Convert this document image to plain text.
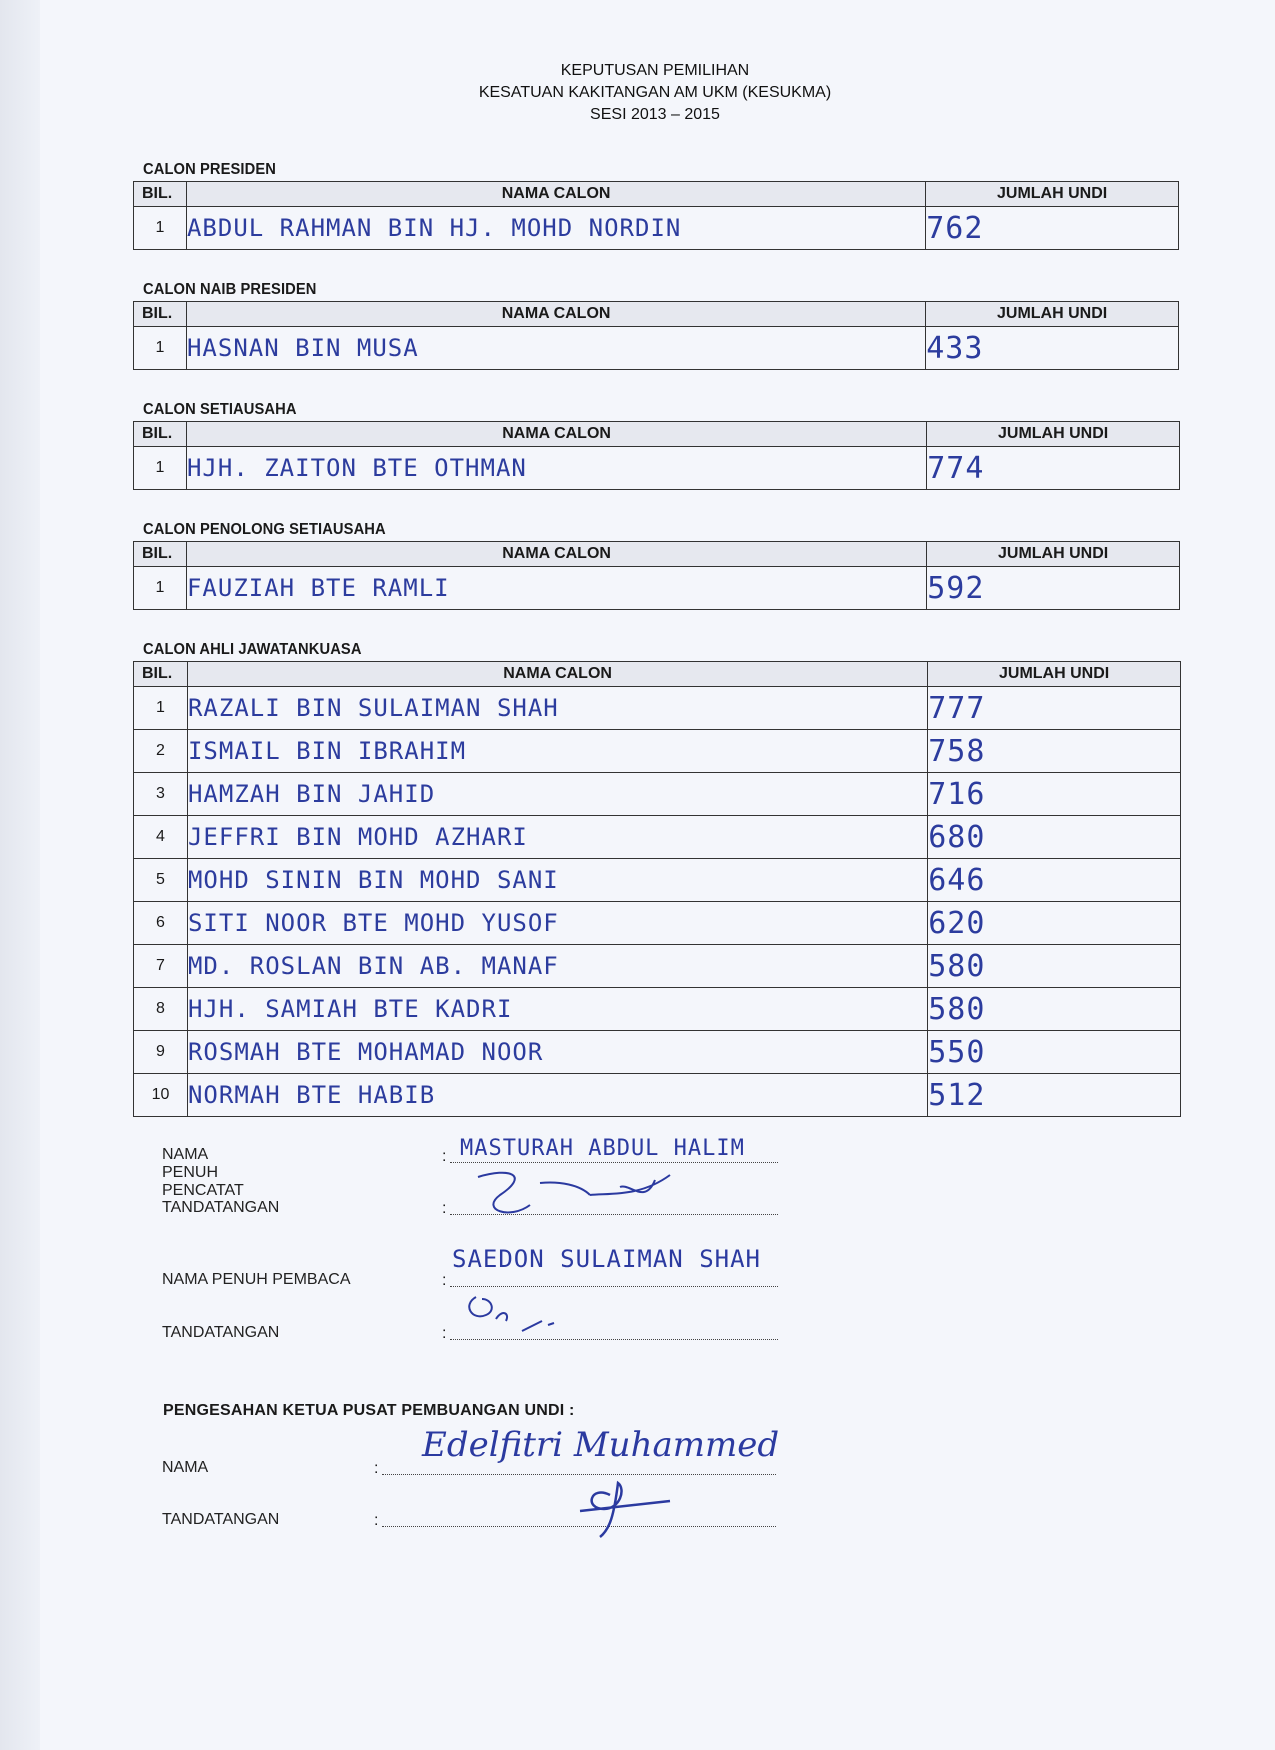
KEPUTUSAN PEMILIHAN
KESATUAN KAKITANGAN AM UKM (KESUKMA)
SESI 2013 – 2015
CALON PRESIDEN
BIL.	NAMA CALON	JUMLAH UNDI
1	ABDUL RAHMAN BIN HJ. MOHD NORDIN	762
CALON NAIB PRESIDEN
BIL.	NAMA CALON	JUMLAH UNDI
1	HASNAN BIN MUSA	433
CALON SETIAUSAHA
BIL.	NAMA CALON	JUMLAH UNDI
1	HJH. ZAITON BTE OTHMAN	774
CALON PENOLONG SETIAUSAHA
BIL.	NAMA CALON	JUMLAH UNDI
1	FAUZIAH BTE RAMLI	592
CALON AHLI JAWATANKUASA
BIL.	NAMA CALON	JUMLAH UNDI
1	RAZALI BIN SULAIMAN SHAH	777
2	ISMAIL BIN IBRAHIM	758
3	HAMZAH BIN JAHID	716
4	JEFFRI BIN MOHD AZHARI	680
5	MOHD SININ BIN MOHD SANI	646
6	SITI NOOR BTE MOHD YUSOF	620
7	MD. ROSLAN BIN AB. MANAF	580
8	HJH. SAMIAH BTE KADRI	580
9	ROSMAH BTE MOHAMAD NOOR	550
10	NORMAH BTE HABIB	512
NAMA PENUH PENCATAT
: MASTURAH ABDUL HALIM
TANDATANGAN	:
NAMA PENUH PEMBACA	:
SAEDON SULAIMAN SHAH
TANDATANGAN	:
PENGESAHAN KETUA PUSAT PEMBUANGAN UNDI :
NAMA	:
Edelfitri Muhammed
TANDATANGAN	:
